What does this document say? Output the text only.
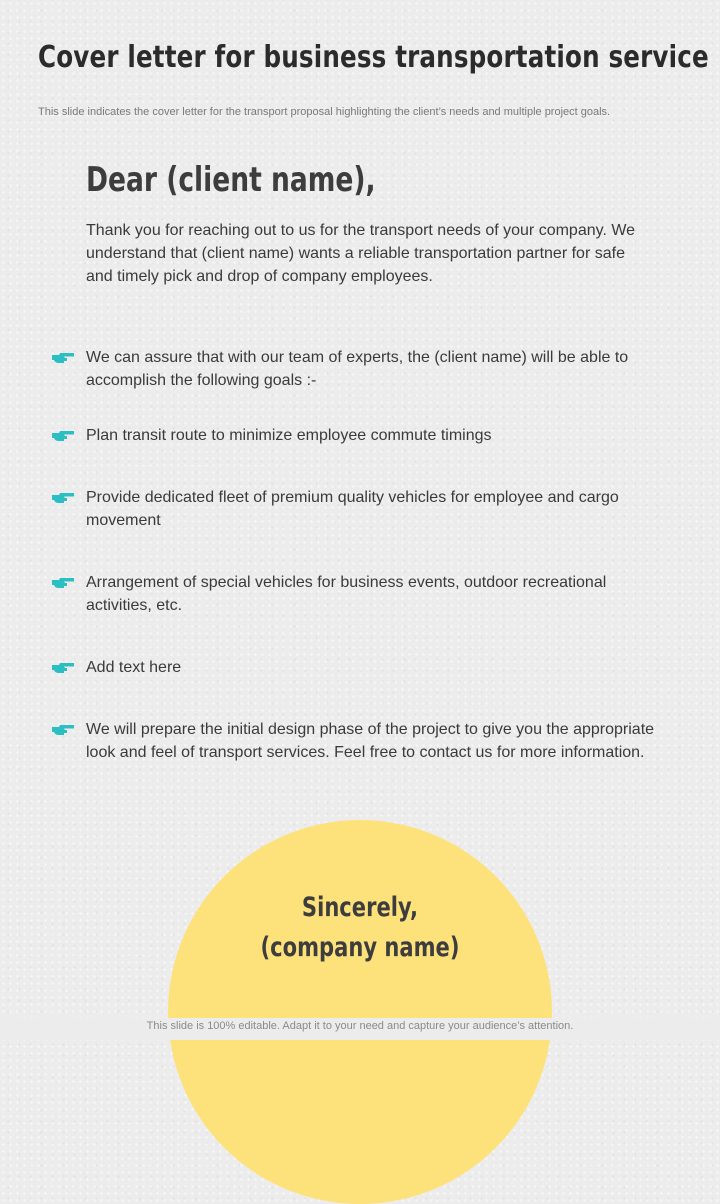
Cover letter for business transportation service
This slide indicates the cover letter for the transport proposal highlighting the client’s needs and multiple project goals.
Dear (client name),
Thank you for reaching out to us for the transport needs of your company. We understand that (client name) wants a reliable transportation partner for safe and timely pick and drop of company employees.
We can assure that with our team of experts, the (client name) will be able to accomplish the following goals :-
Plan transit route to minimize employee commute timings
Provide dedicated fleet of premium quality vehicles for employee and cargo movement
Arrangement of special vehicles for business events, outdoor recreational activities, etc.
Add text here
We will prepare the initial design phase of the project to give you the appropriate look and feel of transport services. Feel free to contact us for more information.
Sincerely,
(company name)
This slide is 100% editable. Adapt it to your need and capture your audience’s attention.
